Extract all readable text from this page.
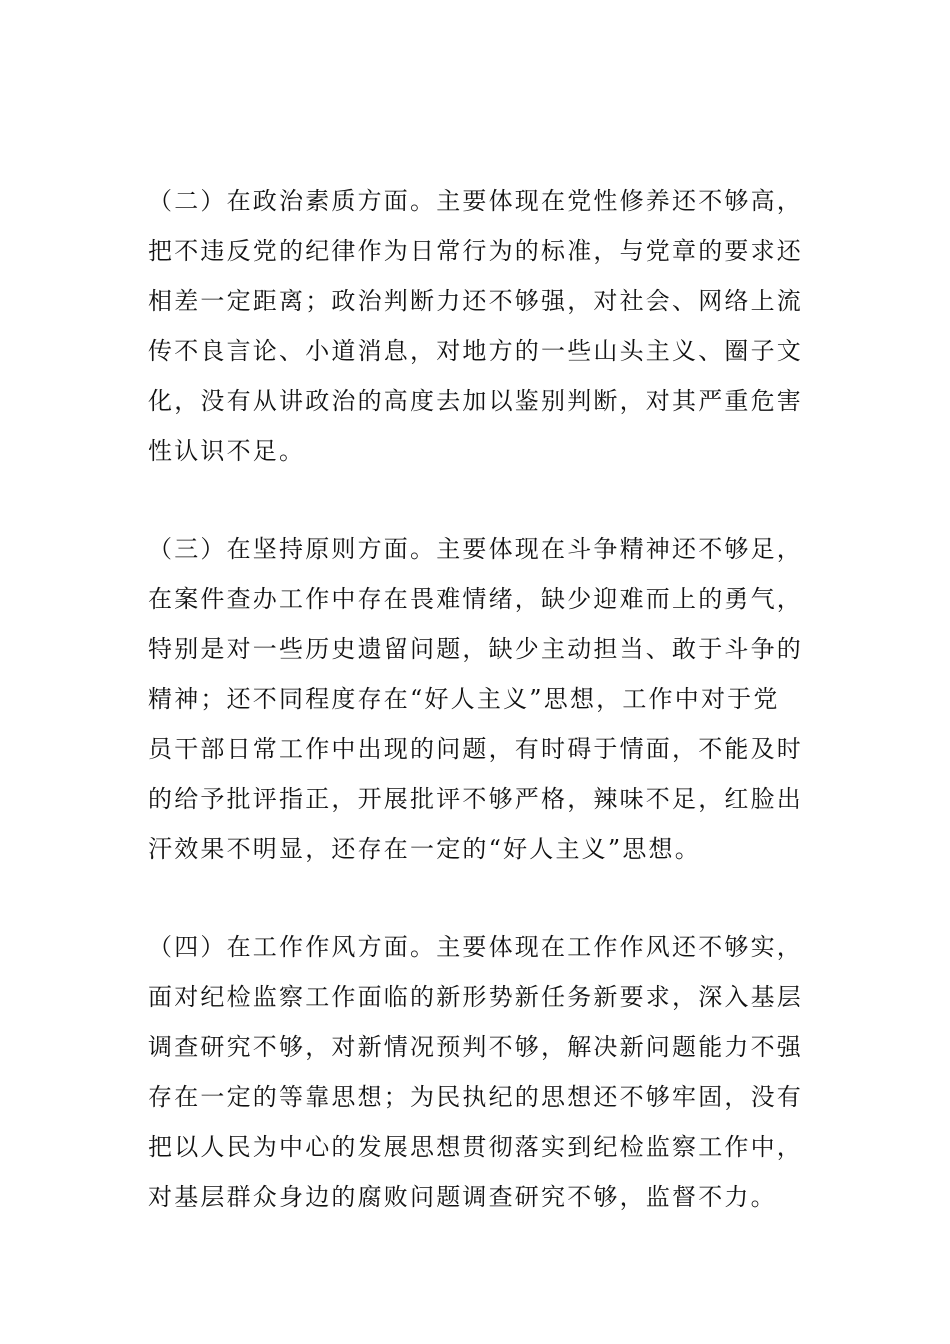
（二）在政治素质方面。主要体现在党性修养还不够高，
把不违反党的纪律作为日常行为的标准，与党章的要求还
相差一定距离；政治判断力还不够强，对社会、网络上流
传不良言论、小道消息，对地方的一些山头主义、圈子文
化，没有从讲政治的高度去加以鉴别判断，对其严重危害
性认识不足。
（三）在坚持原则方面。主要体现在斗争精神还不够足，
在案件查办工作中存在畏难情绪，缺少迎难而上的勇气，
特别是对一些历史遗留问题，缺少主动担当、敢于斗争的
精神；还不同程度存在“好人主义”思想，工作中对于党
员干部日常工作中出现的问题，有时碍于情面，不能及时
的给予批评指正，开展批评不够严格，辣味不足，红脸出
汗效果不明显，还存在一定的“好人主义”思想。
（四）在工作作风方面。主要体现在工作作风还不够实，
面对纪检监察工作面临的新形势新任务新要求，深入基层
调查研究不够，对新情况预判不够，解决新问题能力不强
存在一定的等靠思想；为民执纪的思想还不够牢固，没有
把以人民为中心的发展思想贯彻落实到纪检监察工作中，
对基层群众身边的腐败问题调查研究不够，监督不力。
